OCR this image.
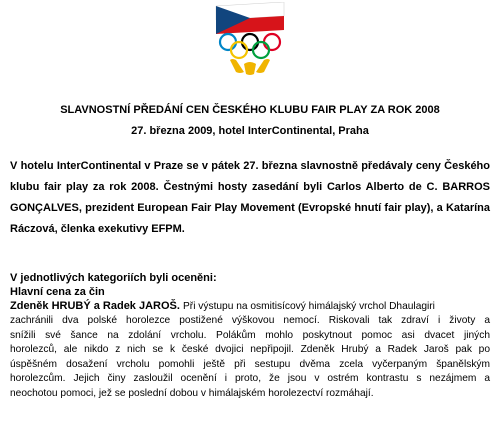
SLAVNOSTNÍ PŘEDÁNÍ CEN ČESKÉHO KLUBU FAIR PLAY ZA ROK 2008
27. března 2009, hotel InterContinental, Praha
V hotelu InterContinental v Praze se v pátek 27. března slavnostně předávaly ceny Českého
klubu fair play za rok 2008. Čestnými hosty zasedání byli Carlos Alberto de C. BARROS
GONÇALVES, prezident European Fair Play Movement (Evropské hnutí fair play), a Katarína
Ráczová, členka exekutivy EFPM.
V jednotlivých kategoriích byli oceněni:
Hlavní cena za čin
Zdeněk HRUBÝ a Radek JAROŠ. Při výstupu na osmitisícový himálajský vrchol Dhaulagiri
zachránili dva polské horolezce postižené výškovou nemocí. Riskovali tak zdraví i životy a
snížili své šance na zdolání vrcholu. Polákům mohlo poskytnout pomoc asi dvacet jiných
horolezců, ale nikdo z nich se k české dvojici nepřipojil. Zdeněk Hrubý a Radek Jaroš pak po
úspěšném dosažení vrcholu pomohli ještě při sestupu dvěma zcela vyčerpaným španělským
horolezcům. Jejich činy zasloužil ocenění i proto, že jsou v ostrém kontrastu s nezájmem a
neochotou pomoci, jež se poslední dobou v himálajském horolezectví rozmáhají.
